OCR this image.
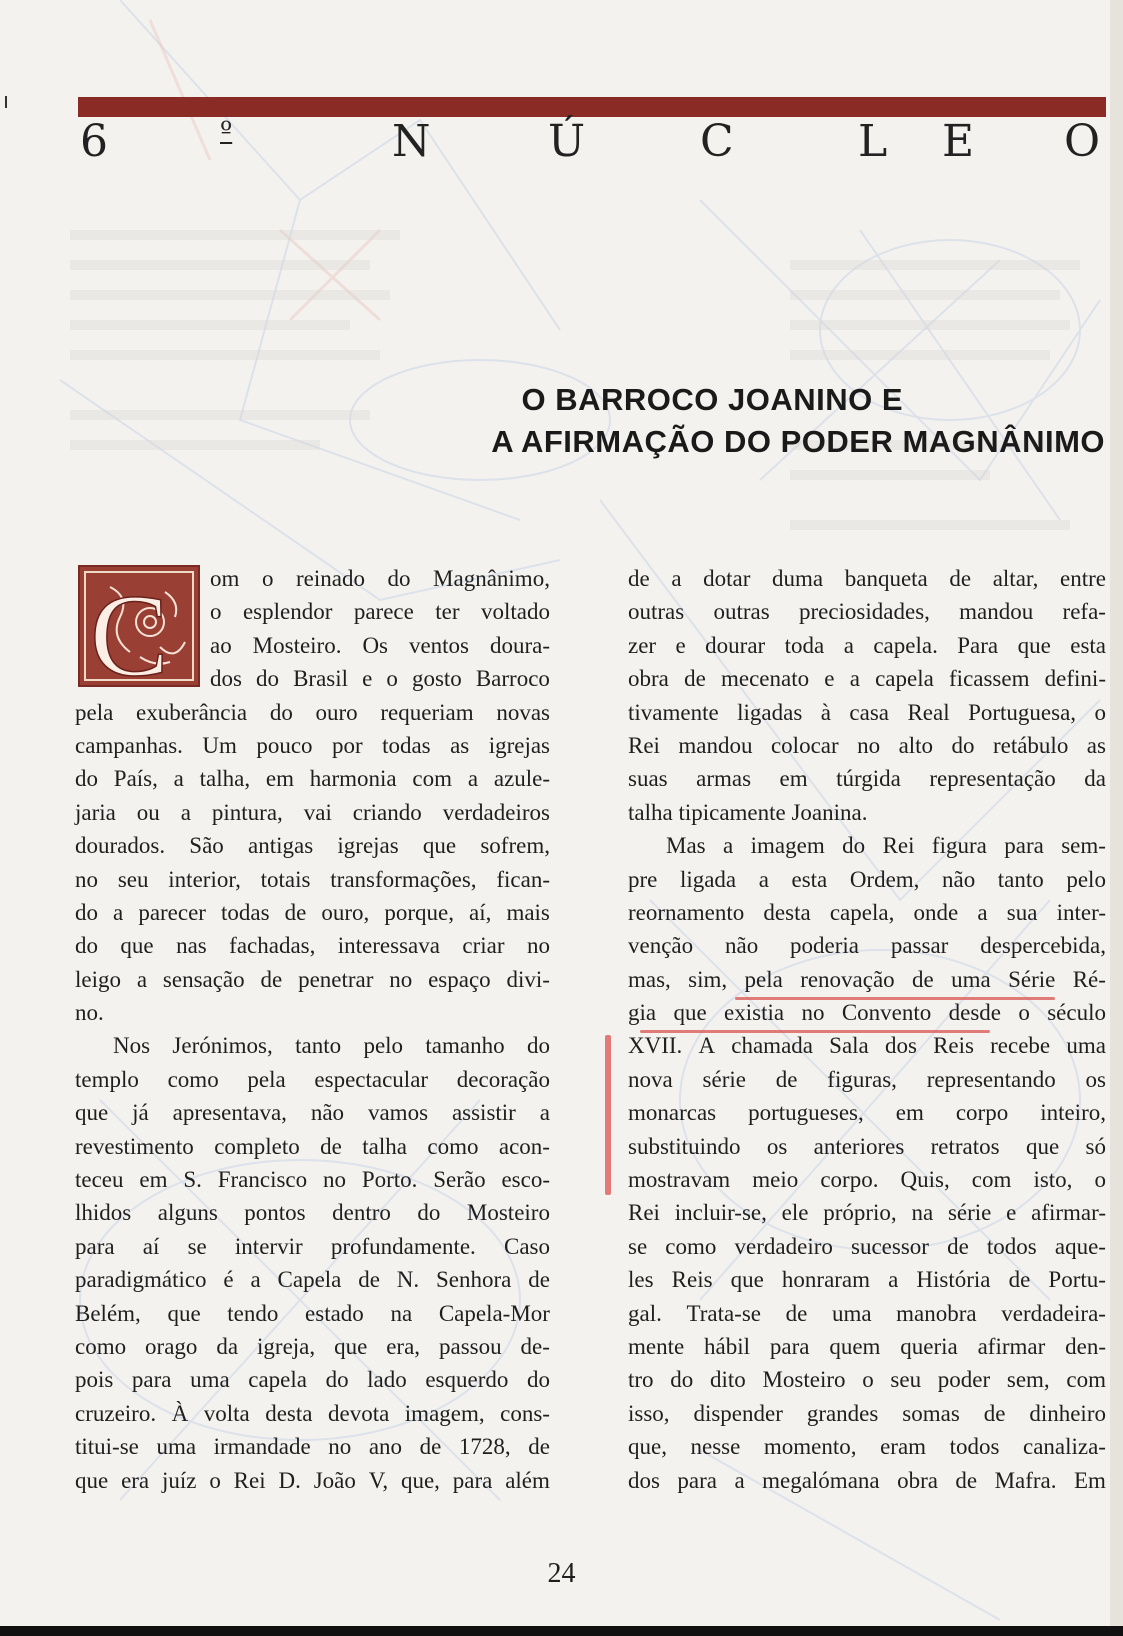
6	º	N	Ú	C	L E O
O BARROCO JOANINO E
A AFIRMAÇÃO DO PODER MAGNÂNIMO
C om o reinado do Magnânimo,
o esplendor parece ter voltado
ao Mosteiro. Os ventos doura-
dos do Brasil e o gosto Barroco
pela exuberância do ouro requeriam novas
campanhas. Um pouco por todas as igrejas
do País, a talha, em harmonia com a azule-
jaria ou a pintura, vai criando verdadeiros
dourados. São antigas igrejas que sofrem,
no seu interior, totais transformações, fican-
do a parecer todas de ouro, porque, aí, mais
do que nas fachadas, interessava criar no
leigo a sensação de penetrar no espaço divi-
no.
Nos Jerónimos, tanto pelo tamanho do
templo como pela espectacular decoração
que já apresentava, não vamos assistir a
revestimento completo de talha como acon-
teceu em S. Francisco no Porto. Serão esco-
lhidos alguns pontos dentro do Mosteiro
para aí se intervir profundamente. Caso
paradigmático é a Capela de N. Senhora de
Belém, que tendo estado na Capela-Mor
como orago da igreja, que era, passou de-
pois para uma capela do lado esquerdo do
cruzeiro. À volta desta devota imagem, cons-
titui-se uma irmandade no ano de 1728, de
que era juíz o Rei D. João V, que, para além
de a dotar duma banqueta de altar, entre
outras outras preciosidades, mandou refa-
zer e dourar toda a capela. Para que esta
obra de mecenato e a capela ficassem defini-
tivamente ligadas à casa Real Portuguesa, o
Rei mandou colocar no alto do retábulo as
suas armas em túrgida representação da
talha tipicamente Joanina.
Mas a imagem do Rei figura para sem-
pre ligada a esta Ordem, não tanto pelo
reornamento desta capela, onde a sua inter-
venção não poderia passar despercebida,
mas, sim, pela renovação de uma Série Ré-
gia que existia no Convento desde o século
XVII. A chamada Sala dos Reis recebe uma
nova série de figuras, representando os
monarcas portugueses, em corpo inteiro,
substituindo os anteriores retratos que só
mostravam meio corpo. Quis, com isto, o
Rei incluir-se, ele próprio, na série e afirmar-
se como verdadeiro sucessor de todos aque-
les Reis que honraram a História de Portu-
gal. Trata-se de uma manobra verdadeira-
mente hábil para quem queria afirmar den-
tro do dito Mosteiro o seu poder sem, com
isso, dispender grandes somas de dinheiro
que, nesse momento, eram todos canaliza-
dos para a megalómana obra de Mafra. Em
24
